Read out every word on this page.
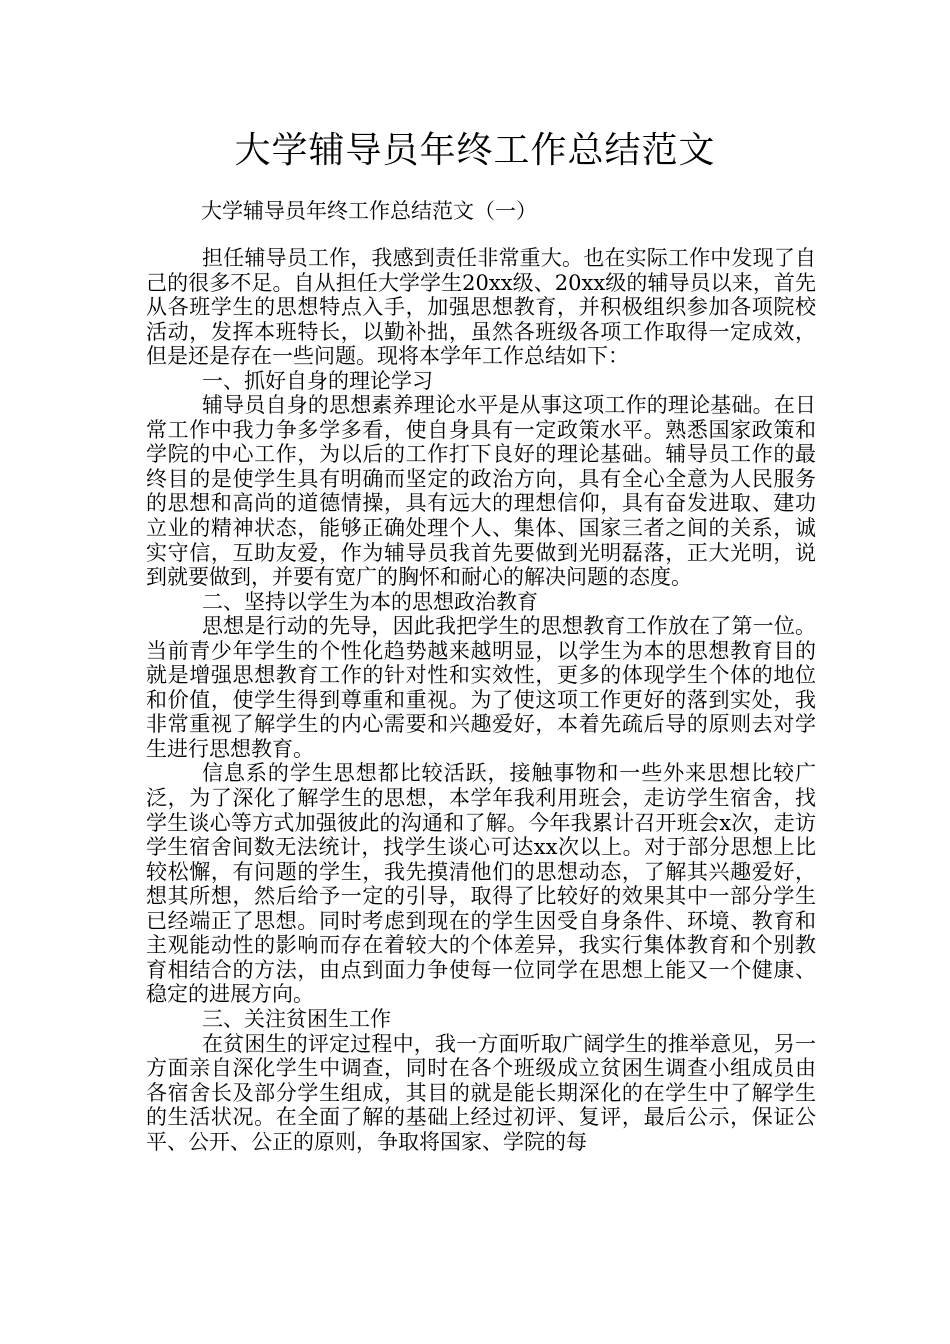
大学辅导员年终工作总结范文

大学辅导员年终工作总结范文（一）

担任辅导员工作，我感到责任非常重大。也在实际工作中发现了自己的很多不足。自从担任大学学生20xx级、20xx级的辅导员以来，首先从各班学生的思想特点入手，加强思想教育，并积极组织参加各项院校活动，发挥本班特长，以勤补拙，虽然各班级各项工作取得一定成效，但是还是存在一些问题。现将本学年工作总结如下：

一、抓好自身的理论学习

辅导员自身的思想素养理论水平是从事这项工作的理论基础。在日常工作中我力争多学多看，使自身具有一定政策水平。熟悉国家政策和学院的中心工作，为以后的工作打下良好的理论基础。辅导员工作的最终目的是使学生具有明确而坚定的政治方向，具有全心全意为人民服务的思想和高尚的道德情操，具有远大的理想信仰，具有奋发进取、建功立业的精神状态，能够正确处理个人、集体、国家三者之间的关系，诚实守信，互助友爱，作为辅导员我首先要做到光明磊落，正大光明，说到就要做到，并要有宽广的胸怀和耐心的解决问题的态度。

二、坚持以学生为本的思想政治教育

思想是行动的先导，因此我把学生的思想教育工作放在了第一位。当前青少年学生的个性化趋势越来越明显，以学生为本的思想教育目的就是增强思想教育工作的针对性和实效性，更多的体现学生个体的地位和价值，使学生得到尊重和重视。为了使这项工作更好的落到实处，我非常重视了解学生的内心需要和兴趣爱好，本着先疏后导的原则去对学生进行思想教育。

信息系的学生思想都比较活跃，接触事物和一些外来思想比较广泛，为了深化了解学生的思想，本学年我利用班会，走访学生宿舍，找学生谈心等方式加强彼此的沟通和了解。今年我累计召开班会x次，走访学生宿舍间数无法统计，找学生谈心可达xx次以上。对于部分思想上比较松懈，有问题的学生，我先摸清他们的思想动态，了解其兴趣爱好，想其所想，然后给予一定的引导，取得了比较好的效果其中一部分学生已经端正了思想。同时考虑到现在的学生因受自身条件、环境、教育和主观能动性的影响而存在着较大的个体差异，我实行集体教育和个别教育相结合的方法，由点到面力争使每一位同学在思想上能又一个健康、稳定的进展方向。

三、关注贫困生工作

在贫困生的评定过程中，我一方面听取广阔学生的推举意见，另一方面亲自深化学生中调查，同时在各个班级成立贫困生调查小组成员由各宿舍长及部分学生组成，其目的就是能长期深化的在学生中了解学生的生活状况。在全面了解的基础上经过初评、复评，最后公示，保证公平、公开、公正的原则，争取将国家、学院的每
